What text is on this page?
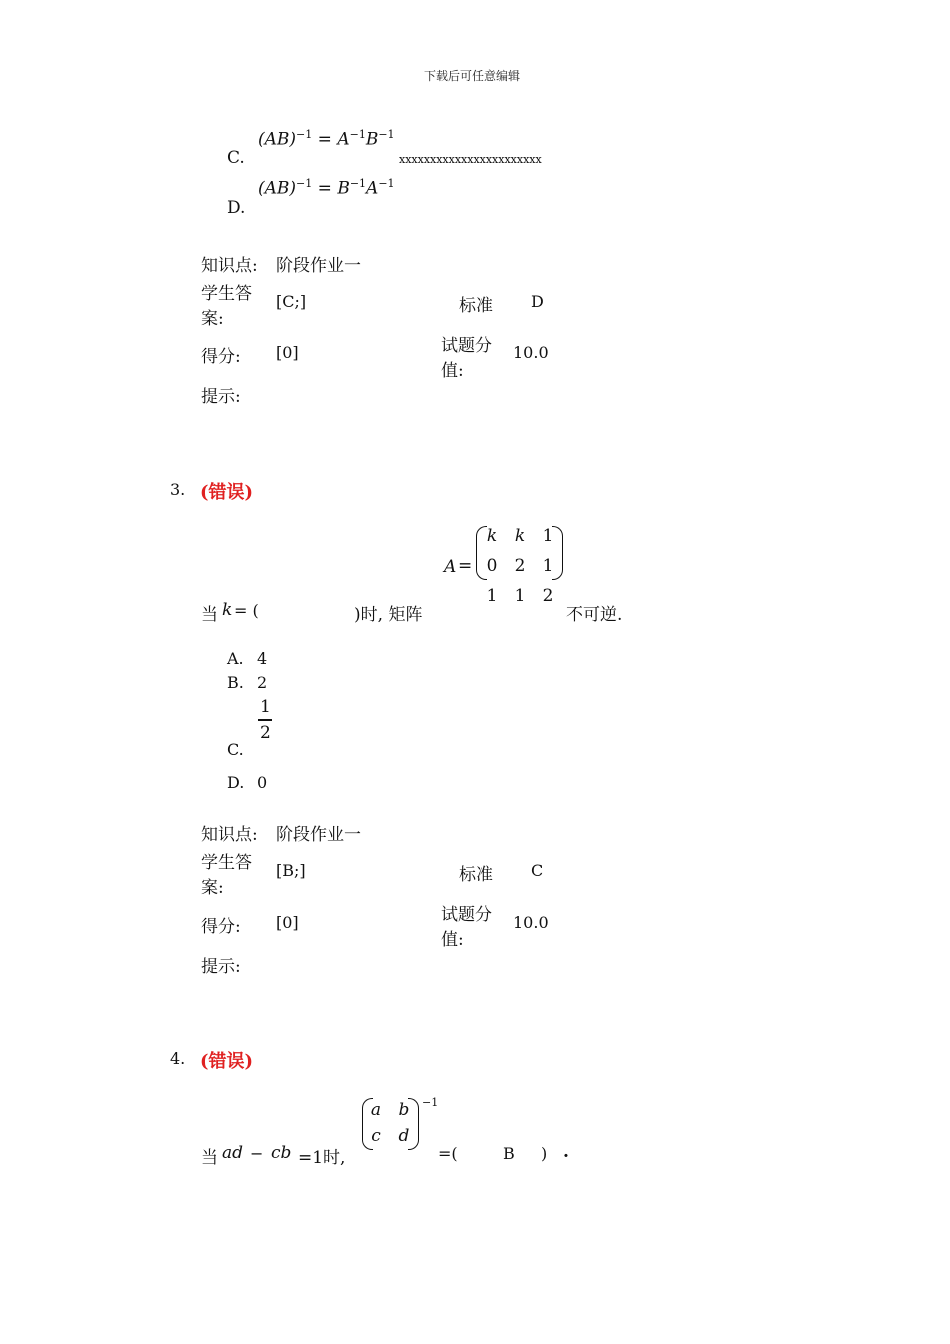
下载后可任意编辑
C.
$(AB)^{-1} = A^{-1}B^{-1}$
xxxxxxxxxxxxxxxxxxxxxxx
D.
$(AB)^{-1} = B^{-1}A^{-1}$
知识点: 阶段作业一
学生答
案:
[C;]	标准 D
得分: [0]	试题分
值:
10.0
提示:
3. (错误)
当 k = (	)时, 矩阵
A =
k k 1
0 2 1
1 1 2
不可逆.
A. 4
B. 2
C.
1
2
D. 0
知识点: 阶段作业一
学生答
案:
[B;]	标准 C
得分: [0]	试题分
值:
10.0
提示:
4. (错误)
当 ad − cb =1时,
a b
c	d
−1
=(	B ) .
